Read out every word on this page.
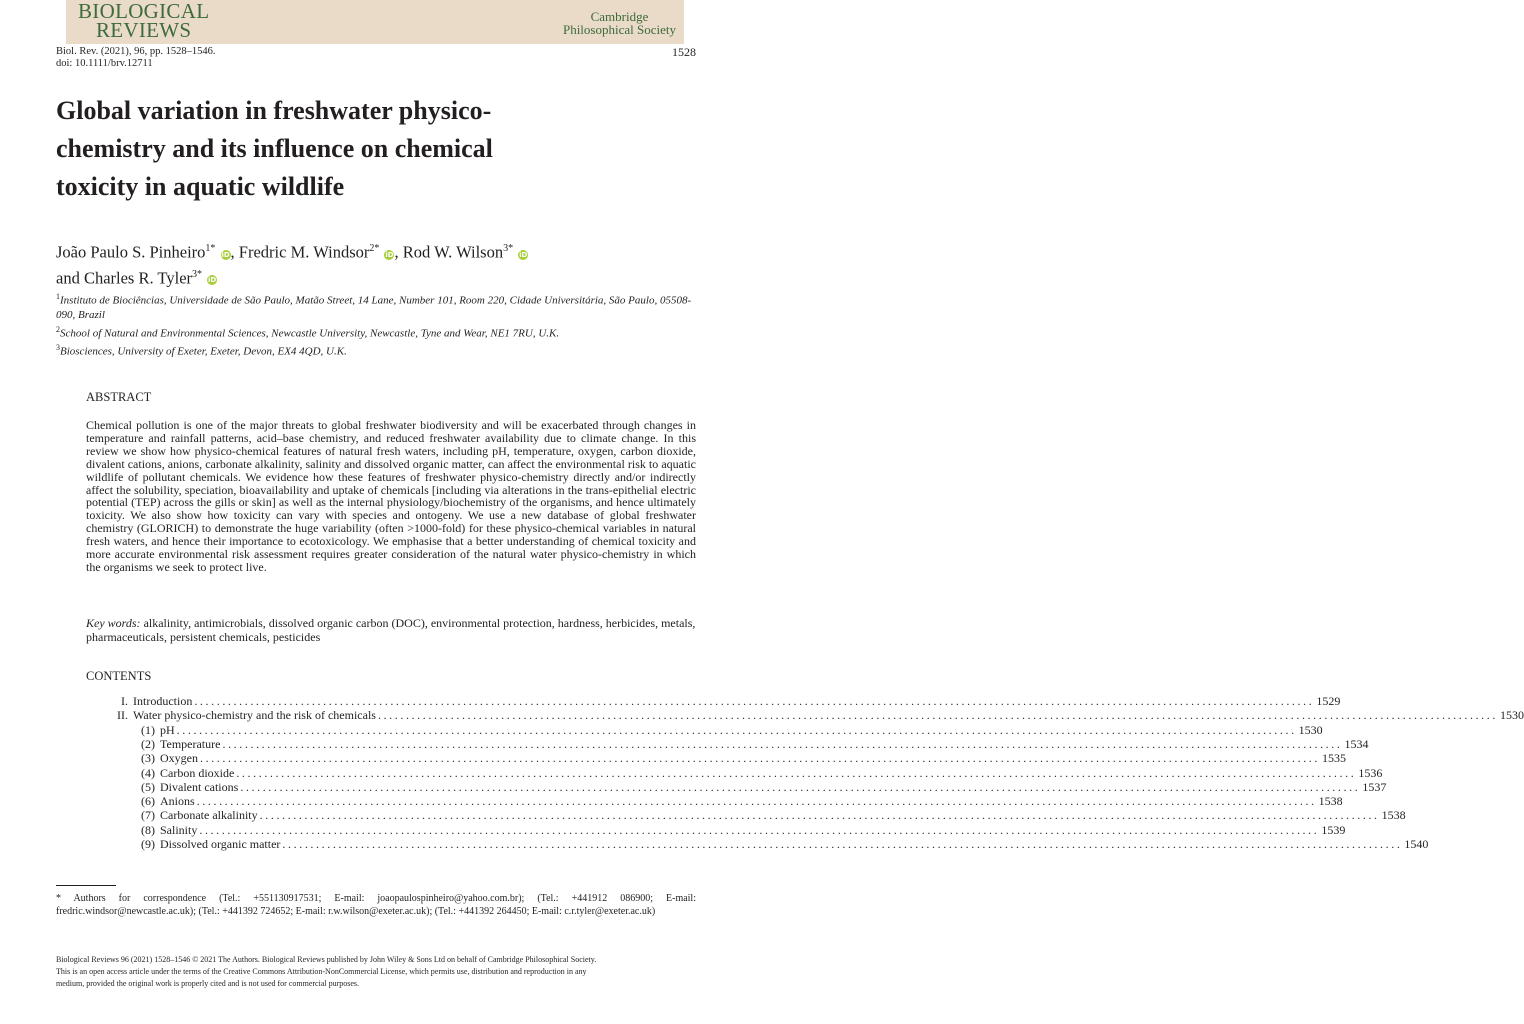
BIOLOGICAL
REVIEWS
Cambridge
Philosophical Society
Biol. Rev. (2021), 96, pp. 1528–1546.
doi: 10.1111/brv.12711
1528
Global variation in freshwater physico-
chemistry and its influence on chemical
toxicity in aquatic wildlife
João Paulo S. Pinheiro$^{1*}$ iD, Fredric M. Windsor$^{2*}$ iD, Rod W. Wilson$^{3*}$ iD
and Charles R. Tyler$^{3*}$ iD
$^1$Instituto de Biociências, Universidade de São Paulo, Matão Street, 14 Lane, Number 101, Room 220, Cidade Universitária, São Paulo, 05508-090, Brazil
$^2$School of Natural and Environmental Sciences, Newcastle University, Newcastle, Tyne and Wear, NE1 7RU, U.K.
$^3$Biosciences, University of Exeter, Exeter, Devon, EX4 4QD, U.K.
ABSTRACT

Chemical pollution is one of the major threats to global freshwater biodiversity and will be exacerbated through changes in temperature and rainfall patterns, acid–base chemistry, and reduced freshwater availability due to climate change. In this review we show how physico-chemical features of natural fresh waters, including pH, temperature, oxygen, carbon dioxide, divalent cations, anions, carbonate alkalinity, salinity and dissolved organic matter, can affect the environmental risk to aquatic wildlife of pollutant chemicals. We evidence how these features of freshwater physico-chemistry directly and/or indirectly affect the solubility, speciation, bioavailability and uptake of chemicals [including via alterations in the trans-epithelial electric potential (TEP) across the gills or skin] as well as the internal physiology/biochemistry of the organisms, and hence ultimately toxicity. We also show how toxicity can vary with species and ontogeny. We use a new database of global freshwater chemistry (GLORICH) to demonstrate the huge variability (often >1000-fold) for these physico-chemical variables in natural fresh waters, and hence their importance to ecotoxicology. We emphasise that a better understanding of chemical toxicity and more accurate environmental risk assessment requires greater consideration of the natural water physico-chemistry in which the organisms we seek to protect live.

Key words: alkalinity, antimicrobials, dissolved organic carbon (DOC), environmental protection, hardness, herbicides, metals, pharmaceuticals, persistent chemicals, pesticides
CONTENTS
I. Introduction ........................................................................................................................................................................................................ 1529
II. Water physico-chemistry and the risk of chemicals ........................................................................................................................................................................................................ 1530
(1) pH ........................................................................................................................................................................................................ 1530
(2) Temperature ........................................................................................................................................................................................................ 1534
(3) Oxygen ........................................................................................................................................................................................................ 1535
(4) Carbon dioxide ........................................................................................................................................................................................................ 1536
(5) Divalent cations ........................................................................................................................................................................................................ 1537
(6) Anions ........................................................................................................................................................................................................ 1538
(7) Carbonate alkalinity ........................................................................................................................................................................................................ 1538
(8) Salinity ........................................................................................................................................................................................................ 1539
(9) Dissolved organic matter ........................................................................................................................................................................................................ 1540
* Authors for correspondence (Tel.: +551130917531; E-mail: joaopaulospinheiro@yahoo.com.br); (Tel.: +441912 086900; E-mail: fredric.windsor@newcastle.ac.uk); (Tel.: +441392 724652; E-mail: r.w.wilson@exeter.ac.uk); (Tel.: +441392 264450; E-mail: c.r.tyler@exeter.ac.uk)
Biological Reviews 96 (2021) 1528–1546 © 2021 The Authors. Biological Reviews published by John Wiley & Sons Ltd on behalf of Cambridge Philosophical Society.
This is an open access article under the terms of the Creative Commons Attribution-NonCommercial License, which permits use, distribution and reproduction in any
medium, provided the original work is properly cited and is not used for commercial purposes.
